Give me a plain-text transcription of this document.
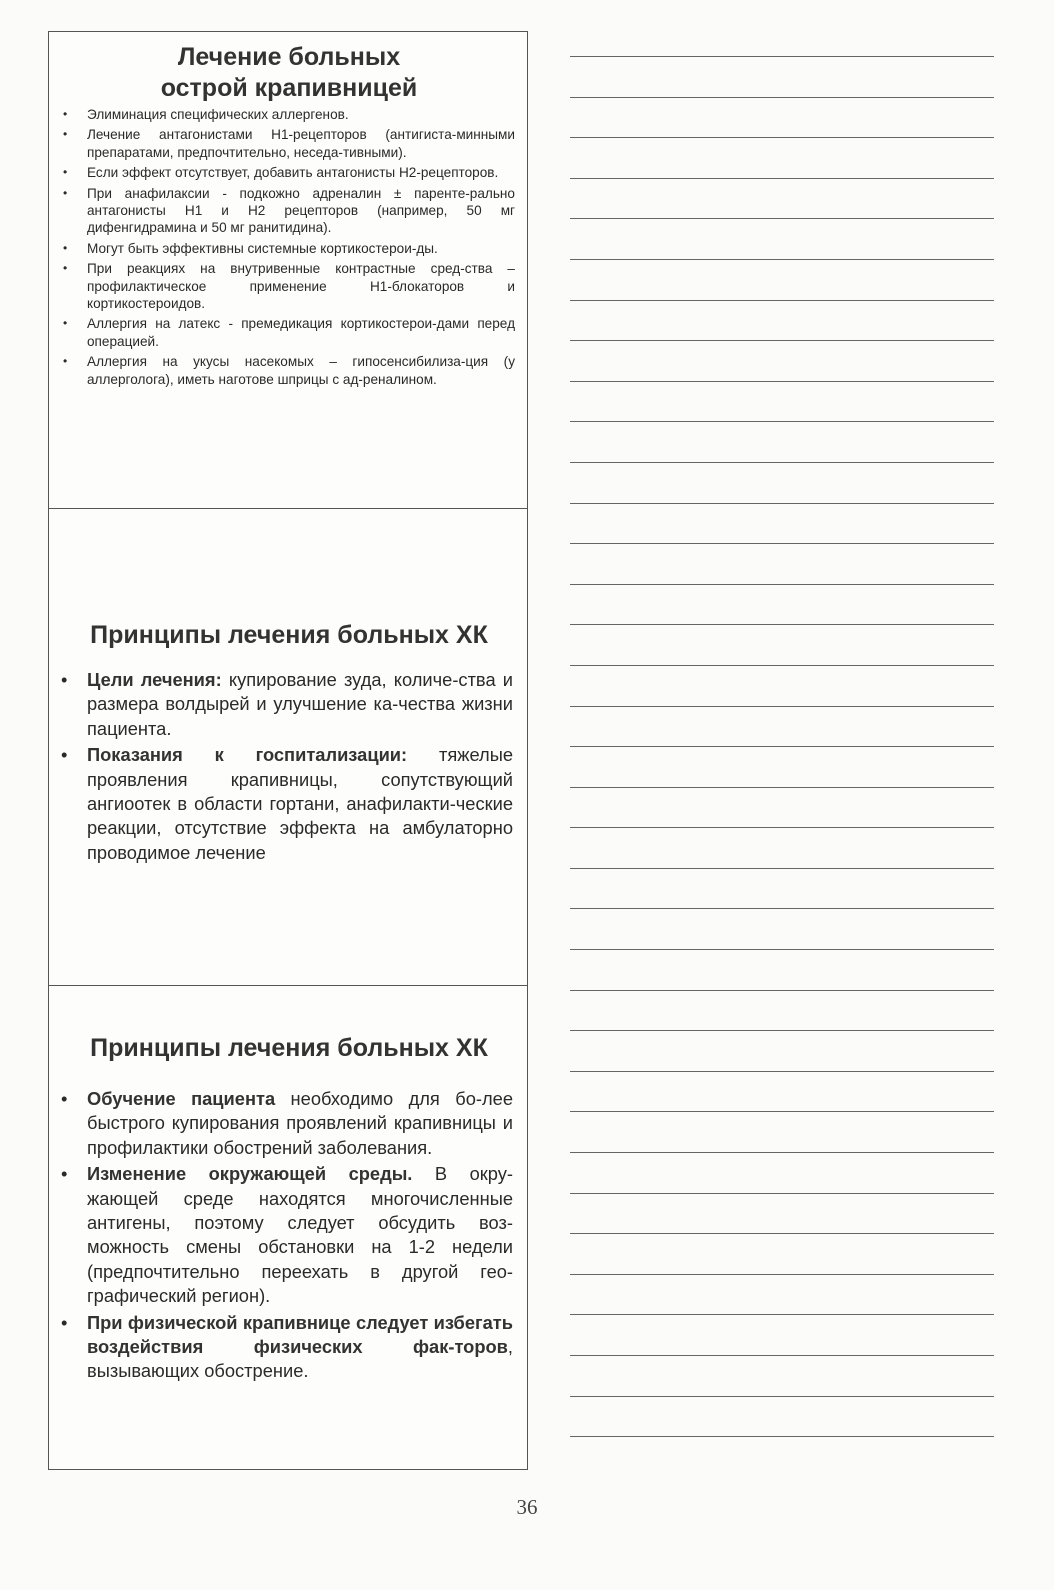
Лечение больных
острой крапивницей
• Элиминация специфических аллергенов.
• Лечение антагонистами Н1-рецепторов (антигиста-минными препаратами, предпочтительно, неседа-тивными).
• Если эффект отсутствует, добавить антагонисты Н2-рецепторов.
• При анафилаксии - подкожно адреналин ± паренте-рально антагонисты Н1 и Н2 рецепторов (например, 50 мг дифенгидрамина и 50 мг ранитидина).
• Могут быть эффективны системные кортикостерои-ды.
• При реакциях на внутривенные контрастные сред-ства – профилактическое применение Н1-блокаторов и кортикостероидов.
• Аллергия на латекс - премедикация кортикостерои-дами перед операцией.
• Аллергия на укусы насекомых – гипосенсибилиза-ция (у аллерголога), иметь наготове шприцы с ад-реналином.
Принципы лечения больных ХК
• Цели лечения: купирование зуда, количе-ства и размера волдырей и улучшение ка-чества жизни пациента.
• Показания к госпитализации: тяжелые проявления крапивницы, сопутствующий ангиоотек в области гортани, анафилакти-ческие реакции, отсутствие эффекта на амбулаторно проводимое лечение
Принципы лечения больных ХК
• Обучение пациента необходимо для бо-лее быстрого купирования проявлений крапивницы и профилактики обострений заболевания.
• Изменение окружающей среды. В окру-жающей среде находятся многочисленные антигены, поэтому следует обсудить воз-можность смены обстановки на 1-2 недели (предпочтительно переехать в другой гео-графический регион).
• При физической крапивнице следует избегать воздействия физических фак-торов, вызывающих обострение.
36
